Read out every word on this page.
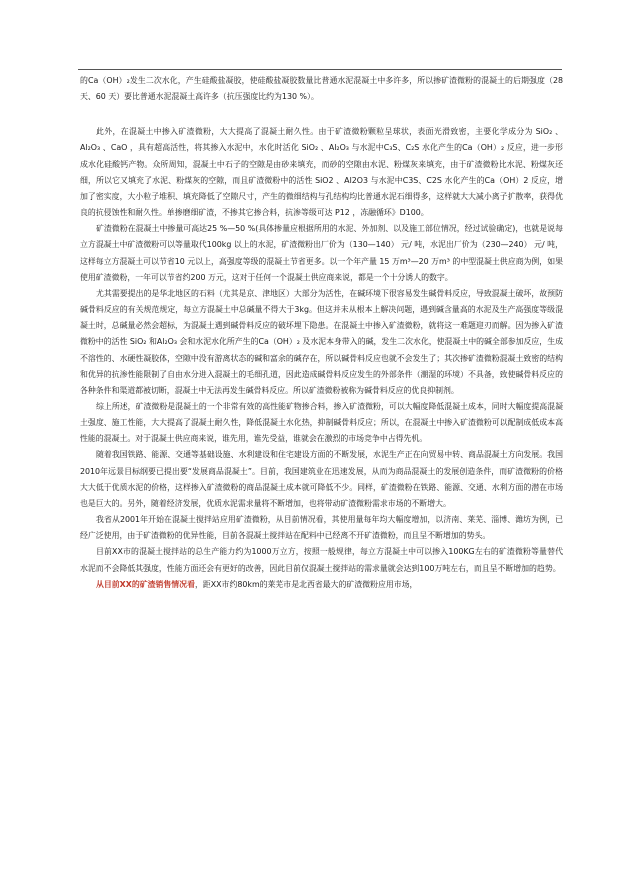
的Ca（OH）₂发生二次水化，产生硅酸盐凝胶，使硅酸盐凝胶数量比普通水泥混凝土中多许多，所以掺矿渣微粉的混凝土的后期强度（28 天、60 天）要比普通水泥混凝土高许多（抗压强度比约为130 %）。

此外，在混凝土中掺入矿渣微粉，大大提高了混凝土耐久性。由于矿渣微粉颗粒呈球状，表面光滑致密，主要化学成分为 SiO₂ 、Al₂O₃ 、CaO ，具有超高活性，将其掺入水泥中，水化时活化 SiO₂ 、Al₂O₃ 与水泥中C₃S、C₂S 水化产生的Ca（OH）₂ 反应，进一步形成水化硅酸钙产物。众所周知，混凝土中石子的空隙是由砂来填充，而砂的空隙由水泥、粉煤灰来填充，由于矿渣微粉比水泥、粉煤灰还细，所以它又填充了水泥、粉煤灰的空隙，而且矿渣微粉中的活性 SiO2 、Al2O3 与水泥中C3S、C2S 水化产生的Ca（OH）2 反应，增加了密实度，大小粒子堆积、填充降低了空隙尺寸，产生的微细结构与孔结构均比普通水泥石细得多，这样就大大减小离子扩散率，获得优良的抗侵蚀性和耐久性。单掺磨细矿渣，不掺其它掺合料，抗渗等级可达 P12 ，冻融循环》D100。

矿渣微粉在混凝土中掺量可高达25 %—50 %(具体掺量应根据所用的水泥、外加剂、以及施工部位情况，经过试验确定)，也就是说每立方混凝土中矿渣微粉可以等量取代100kg 以上的水泥，矿渣微粉出厂价为（130—140） 元/ 吨，水泥出厂价为（230—240） 元/ 吨，这样每立方混凝土可以节省10 元以上，高强度等级的混凝土节省更多。以一个年产量 15 万m³—20 万m³ 的中型混凝土供应商为例，如果使用矿渣微粉，一年可以节省约200 万元，这对于任何一个混凝土供应商来说，都是一个十分诱人的数字。

尤其需要提出的是华北地区的石料（尤其是京、津地区）大部分为活性，在碱环境下很容易发生碱骨料反应，导致混凝土破坏，故预防碱骨料反应的有关规范规定，每立方混凝土中总碱量不得大于3kg。但这并未从根本上解决问题，遇到碱含量高的水泥及生产高强度等级混凝土时，总碱量必然会超标，为混凝土遇到碱骨料反应的破坏埋下隐患。在混凝土中掺入矿渣微粉，就将这一难题迎刃而解。因为掺入矿渣微粉中的活性 SiO₂ 和Al₂O₃ 会和水泥水化所产生的Ca（OH）₂ 及水泥本身带入的碱，发生二次水化，使混凝土中的碱全部参加反应，生成不溶性的、水硬性凝胶体，空隙中没有游离状态的碱和富余的碱存在，所以碱骨料反应也就不会发生了；其次掺矿渣微粉混凝土致密的结构和优异的抗渗性能限制了自由水分进入混凝土的毛细孔道，因此造成碱骨料反应发生的外部条件（潮湿的环境）不具备，致使碱骨料反应的各种条件和渠道都被切断，混凝土中无法再发生碱骨料反应。所以矿渣微粉被称为碱骨料反应的优良抑制剂。

综上所述，矿渣微粉是混凝土的一个非常有效的高性能矿物掺合料，掺入矿渣微粉，可以大幅度降低混凝土成本，同时大幅度提高混凝土强度、施工性能，大大提高了混凝土耐久性，降低混凝土水化热，抑制碱骨料反应；所以，在混凝土中掺入矿渣微粉可以配制成低成本高性能的混凝土。对于混凝土供应商来说，谁先用，谁先受益，谁就会在激烈的市场竞争中占得先机。

随着我国铁路、能源、交通等基础设施、水利建设和住宅建设方面的不断发展，水泥生产正在向贸易中转、商品混凝土方向发展。我国 2010年远景目标纲要已提出要“发展商品混凝土”。目前，我国建筑业在迅速发展，从而为商品混凝土的发展创造条件，而矿渣微粉的价格大大低于优质水泥的价格，这样掺入矿渣微粉的商品混凝土成本就可降低不少。同样，矿渣微粉在铁路、能源、交通、水利方面的潜在市场也是巨大的。另外，随着经济发展，优质水泥需求量将不断增加，也将带动矿渣微粉需求市场的不断增大。

我省从2001年开始在混凝土搅拌站应用矿渣微粉，从目前情况看，其使用量每年均大幅度增加，以济南、莱芜、淄博、潍坊为例，已经广泛使用，由于矿渣微粉的优异性能，目前各混凝土搅拌站在配料中已经离不开矿渣微粉，而且呈不断增加的势头。

目前XX市的混凝土搅拌站的总生产能力约为1000万立方，按照一般规律，每立方混凝土中可以掺入100KG左右的矿渣微粉等量替代水泥而不会降低其强度，性能方面还会有更好的改善，因此目前仅混凝土搅拌站的需求量就会达到100万吨左右，而且呈不断增加的趋势。

从目前XX的矿渣销售情况看，距XX市约80km的莱芜市是北西省最大的矿渣微粉应用市场，
